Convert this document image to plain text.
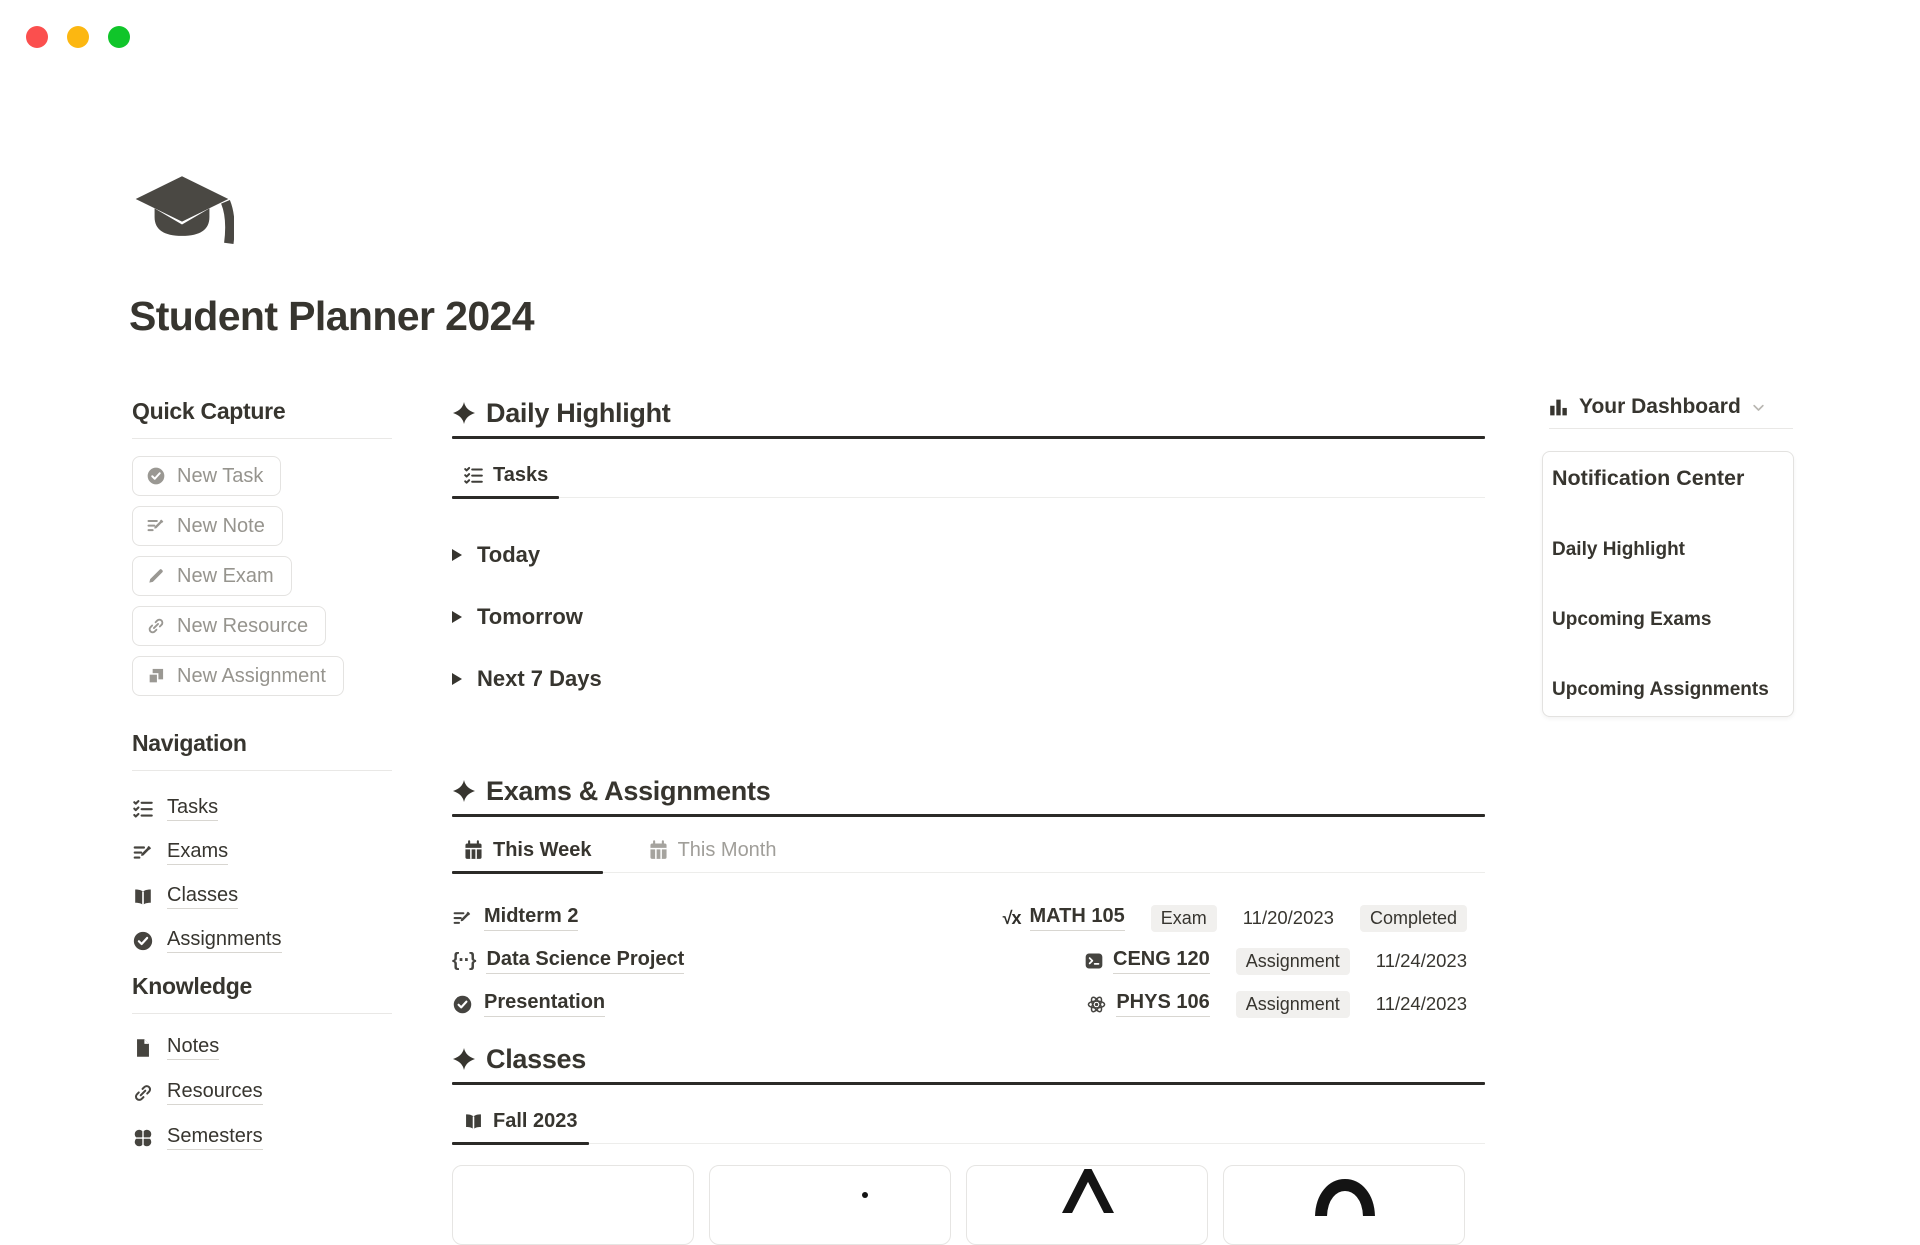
Student Planner 2024
Quick Capture
New Task
New Note
New Exam
New Resource
New Assignment
Navigation
Tasks
Exams
Classes
Assignments
Knowledge
Notes
Resources
Semesters
Daily Highlight
Tasks
Today
Tomorrow
Next 7 Days
Exams & Assignments
This Week	This Month
Midterm 2	√x MATH 105	Exam	11/20/2023	Completed
{··} Data Science Project	CENG 120	Assignment	11/24/2023
Presentation	PHYS 106	Assignment	11/24/2023
Classes
Fall 2023
Your Dashboard
Notification Center
Daily Highlight
Upcoming Exams
Upcoming Assignments
